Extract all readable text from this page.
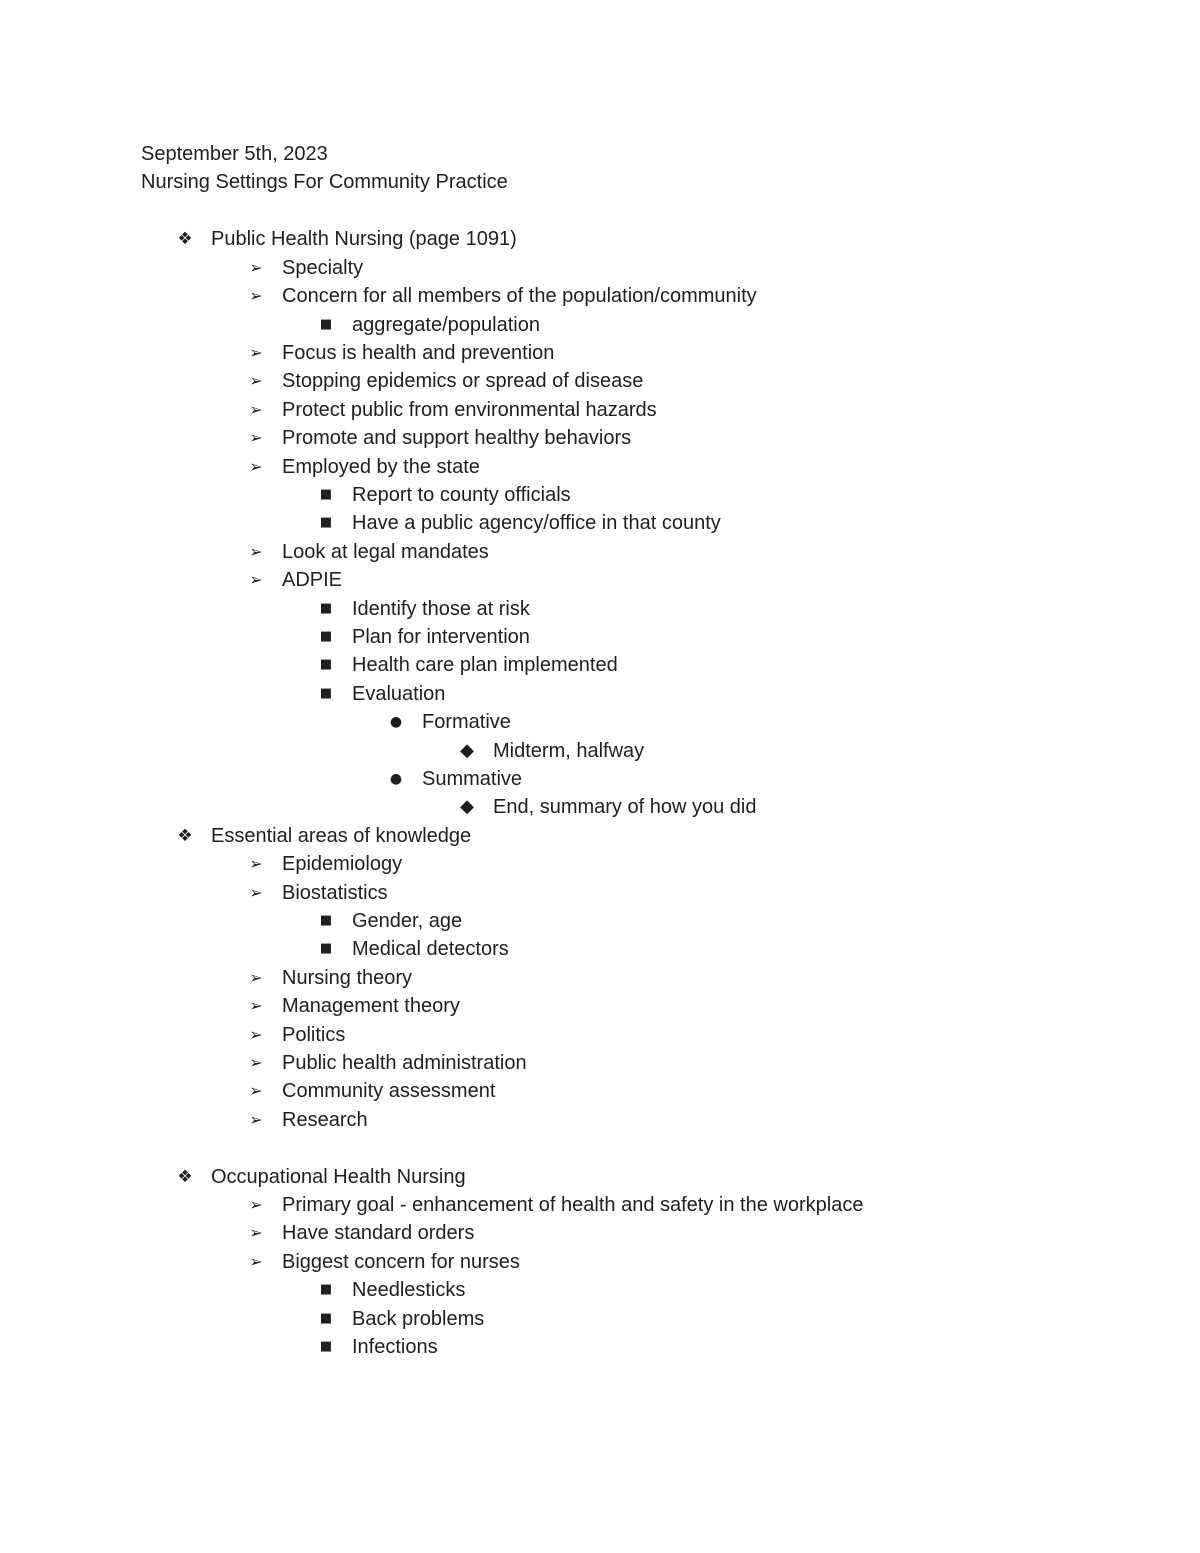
September 5th, 2023
Nursing Settings For Community Practice
❖ Public Health Nursing (page 1091)
➢ Specialty
➢ Concern for all members of the population/community
■ aggregate/population
➢ Focus is health and prevention
➢ Stopping epidemics or spread of disease
➢ Protect public from environmental hazards
➢ Promote and support healthy behaviors
➢ Employed by the state
■ Report to county officials
■ Have a public agency/office in that county
➢ Look at legal mandates
➢ ADPIE
■ Identify those at risk
■ Plan for intervention
■ Health care plan implemented
■ Evaluation
● Formative
◆ Midterm, halfway
● Summative
◆ End, summary of how you did
❖ Essential areas of knowledge
➢ Epidemiology
➢ Biostatistics
■ Gender, age
■ Medical detectors
➢ Nursing theory
➢ Management theory
➢ Politics
➢ Public health administration
➢ Community assessment
➢ Research
❖ Occupational Health Nursing
➢ Primary goal - enhancement of health and safety in the workplace
➢ Have standard orders
➢ Biggest concern for nurses
■ Needlesticks
■ Back problems
■ Infections
